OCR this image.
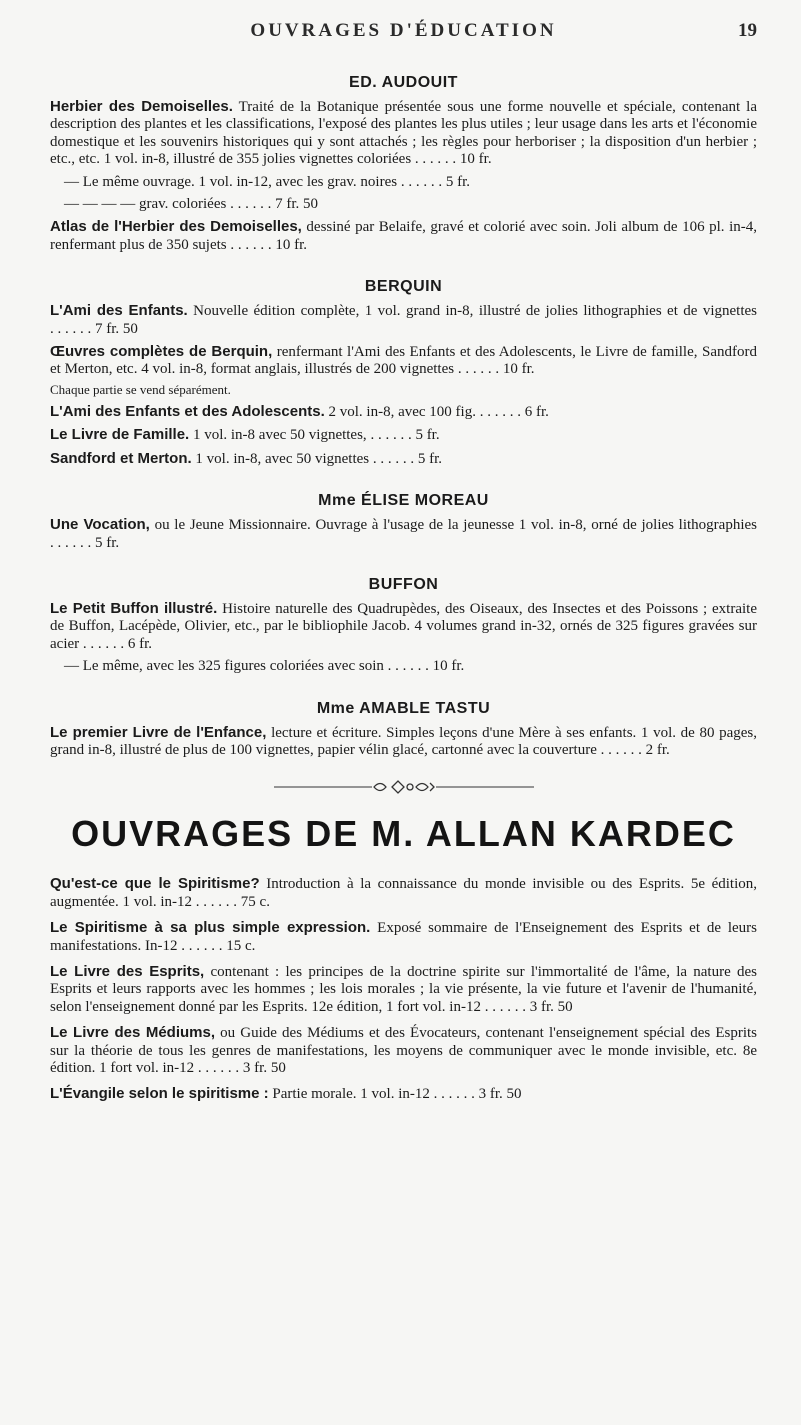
OUVRAGES D'ÉDUCATION	19
ED. AUDOUIT

Herbier des Demoiselles. Traité de la Botanique présentée sous une forme nouvelle et spéciale, contenant la description des plantes et les classifications, l'exposé des plantes les plus utiles ; leur usage dans les arts et l'économie domestique et les souvenirs historiques qui y sont attachés ; les règles pour herboriser ; la disposition d'un herbier ; etc., etc. 1 vol. in-8, illustré de 355 jolies vignettes coloriées . . . . . . 10 fr.

— Le même ouvrage. 1 vol. in-12, avec les grav. noires . . . . . . 5 fr.

— — — — grav. coloriées . . . . . . 7 fr. 50

Atlas de l'Herbier des Demoiselles, dessiné par Belaife, gravé et colorié avec soin. Joli album de 106 pl. in-4, renfermant plus de 350 sujets . . . . . . 10 fr.

BERQUIN

L'Ami des Enfants. Nouvelle édition complète, 1 vol. grand in-8, illustré de jolies lithographies et de vignettes . . . . . . 7 fr. 50

Œuvres complètes de Berquin, renfermant l'Ami des Enfants et des Adolescents, le Livre de famille, Sandford et Merton, etc. 4 vol. in-8, format anglais, illustrés de 200 vignettes . . . . . . 10 fr.

Chaque partie se vend séparément.

L'Ami des Enfants et des Adolescents. 2 vol. in-8, avec 100 fig. . . . . . . 6 fr.

Le Livre de Famille. 1 vol. in-8 avec 50 vignettes, . . . . . . 5 fr.

Sandford et Merton. 1 vol. in-8, avec 50 vignettes . . . . . . 5 fr.

Mme ÉLISE MOREAU

Une Vocation, ou le Jeune Missionnaire. Ouvrage à l'usage de la jeunesse 1 vol. in-8, orné de jolies lithographies . . . . . . 5 fr.

BUFFON

Le Petit Buffon illustré. Histoire naturelle des Quadrupèdes, des Oiseaux, des Insectes et des Poissons ; extraite de Buffon, Lacépède, Olivier, etc., par le bibliophile Jacob. 4 volumes grand in-32, ornés de 325 figures gravées sur acier . . . . . . 6 fr.

— Le même, avec les 325 figures coloriées avec soin . . . . . . 10 fr.

Mme AMABLE TASTU

Le premier Livre de l'Enfance, lecture et écriture. Simples leçons d'une Mère à ses enfants. 1 vol. de 80 pages, grand in-8, illustré de plus de 100 vignettes, papier vélin glacé, cartonné avec la couverture . . . . . . 2 fr.

OUVRAGES DE M. ALLAN KARDEC

Qu'est-ce que le Spiritisme? Introduction à la connaissance du monde invisible ou des Esprits. 5e édition, augmentée. 1 vol. in-12 . . . . . . 75 c.

Le Spiritisme à sa plus simple expression. Exposé sommaire de l'Enseignement des Esprits et de leurs manifestations. In-12 . . . . . . 15 c.

Le Livre des Esprits, contenant : les principes de la doctrine spirite sur l'immortalité de l'âme, la nature des Esprits et leurs rapports avec les hommes ; les lois morales ; la vie présente, la vie future et l'avenir de l'humanité, selon l'enseignement donné par les Esprits. 12e édition, 1 fort vol. in-12 . . . . . . 3 fr. 50

Le Livre des Médiums, ou Guide des Médiums et des Évocateurs, contenant l'enseignement spécial des Esprits sur la théorie de tous les genres de manifestations, les moyens de communiquer avec le monde invisible, etc. 8e édition. 1 fort vol. in-12 . . . . . . 3 fr. 50

L'Évangile selon le spiritisme : Partie morale. 1 vol. in-12 . . . . . . 3 fr. 50
